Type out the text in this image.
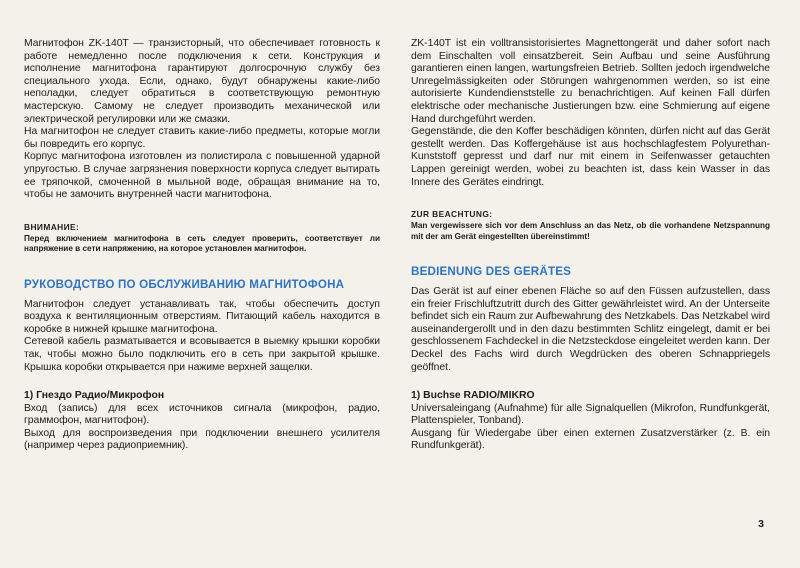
Магнитофон ZK-140T — транзисторный, что обеспечивает готовность к работе немедленно после подключения к сети. Конструкция и исполнение магнитофона гарантируют долгосрочную службу без специального ухода. Если, однако, будут обнаружены какие-либо неполадки, следует обратиться в соответствующую ремонтную мастерскую. Самому не следует производить механической или электрической регулировки или же смазки.

На магнитофон не следует ставить какие-либо предметы, которые могли бы повредить его корпус.

Корпус магнитофона изготовлен из полистирола с повышенной ударной упругостью. В случае загрязнения поверхности корпуса следует вытирать ее тряпочкой, смоченной в мыльной воде, обращая внимание на то, чтобы не замочить внутренней части магнитофона.

ВНИМАНИЕ:

Перед включением магнитофона в сеть следует проверить, соответствует ли напряжение в сети напряжению, на которое установлен магнитофон.

РУКОВОДСТВО ПО ОБСЛУЖИВАНИЮ МАГНИТОФОНА

Магнитофон следует устанавливать так, чтобы обеспечить доступ воздуха к вентиляционным отверстиям. Питающий кабель находится в коробке в нижней крышке магнитофона.

Сетевой кабель разматывается и всовывается в выемку крышки коробки так, чтобы можно было подключить его в сеть при закрытой крышке. Крышка коробки открывается при нажиме верхней защелки.

1) Гнездо Радио/Микрофон

Вход (запись) для всех источников сигнала (микрофон, радио, граммофон, магнитофон).

Выход для воспроизведения при подключении внешнего усилителя (например через радиоприемник).

ZK-140T ist ein volltransistorisiertes Magnettongerät und daher sofort nach dem Einschalten voll einsatzbereit. Sein Aufbau und seine Ausführung garantieren einen langen, wartungsfreien Betrieb. Sollten jedoch irgendwelche Unregelmässigkeiten oder Störungen wahrgenommen werden, so ist eine autorisierte Kundendienststelle zu benachrichtigen. Auf keinen Fall dürfen elektrische oder mechanische Justierungen bzw. eine Schmierung auf eigene Hand durchgeführt werden.

Gegenstände, die den Koffer beschädigen könnten, dürfen nicht auf das Gerät gestellt werden. Das Koffergehäuse ist aus hochschlagfestem Polyurethan-Kunststoff gepresst und darf nur mit einem in Seifenwasser getauchten Lappen gereinigt werden, wobei zu beachten ist, dass kein Wasser in das Innere des Gerätes eindringt.

ZUR BEACHTUNG:

Man vergewissere sich vor dem Anschluss an das Netz, ob die vorhandene Netzspannung mit der am Gerät eingestellten übereinstimmt!

BEDIENUNG DES GERÄTES

Das Gerät ist auf einer ebenen Fläche so auf den Füssen aufzustellen, dass ein freier Frischluftzutritt durch des Gitter gewährleistet wird. An der Unterseite befindet sich ein Raum zur Aufbewahrung des Netzkabels. Das Netzkabel wird auseinandergerollt und in den dazu bestimmten Schlitz eingelegt, damit er bei geschlossenem Fachdeckel in die Netzsteckdose eingeleitet werden kann. Der Deckel des Fachs wird durch Wegdrücken des oberen Schnappriegels geöffnet.

1) Buchse RADIO/MIKRO

Universaleingang (Aufnahme) für alle Signalquellen (Mikrofon, Rundfunkgerät, Plattenspieler, Tonband).

Ausgang für Wiedergabe über einen externen Zusatzverstärker (z. B. ein Rundfunkgerät).

3
